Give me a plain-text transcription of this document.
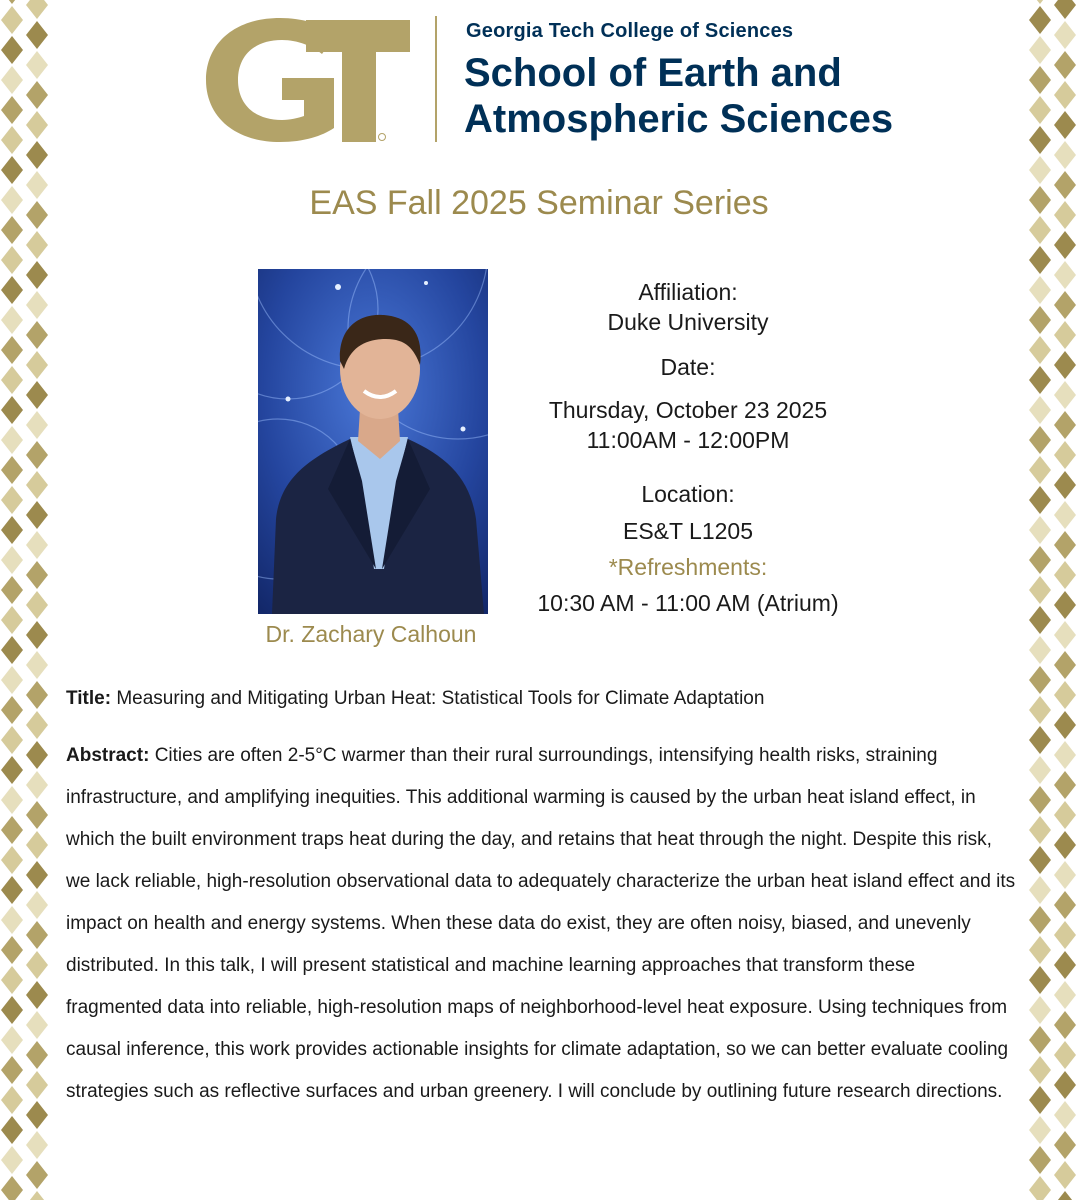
Georgia Tech College of Sciences
School of Earth and
Atmospheric Sciences
EAS Fall 2025 Seminar Series
Dr. Zachary Calhoun
Affiliation:
Duke University
Date:
Thursday, October 23 2025
11:00AM - 12:00PM
Location:
ES&T L1205
*Refreshments:
10:30 AM - 11:00 AM (Atrium)
Title: Measuring and Mitigating Urban Heat: Statistical Tools for Climate Adaptation

Abstract: Cities are often 2-5°C warmer than their rural surroundings, intensifying health risks, straining infrastructure, and amplifying inequities. This additional warming is caused by the urban heat island effect, in which the built environment traps heat during the day, and retains that heat through the night. Despite this risk, we lack reliable, high-resolution observational data to adequately characterize the urban heat island effect and its impact on health and energy systems. When these data do exist, they are often noisy, biased, and unevenly distributed. In this talk, I will present statistical and machine learning approaches that transform these fragmented data into reliable, high-resolution maps of neighborhood-level heat exposure. Using techniques from causal inference, this work provides actionable insights for climate adaptation, so we can better evaluate cooling strategies such as reflective surfaces and urban greenery. I will conclude by outlining future research directions.
